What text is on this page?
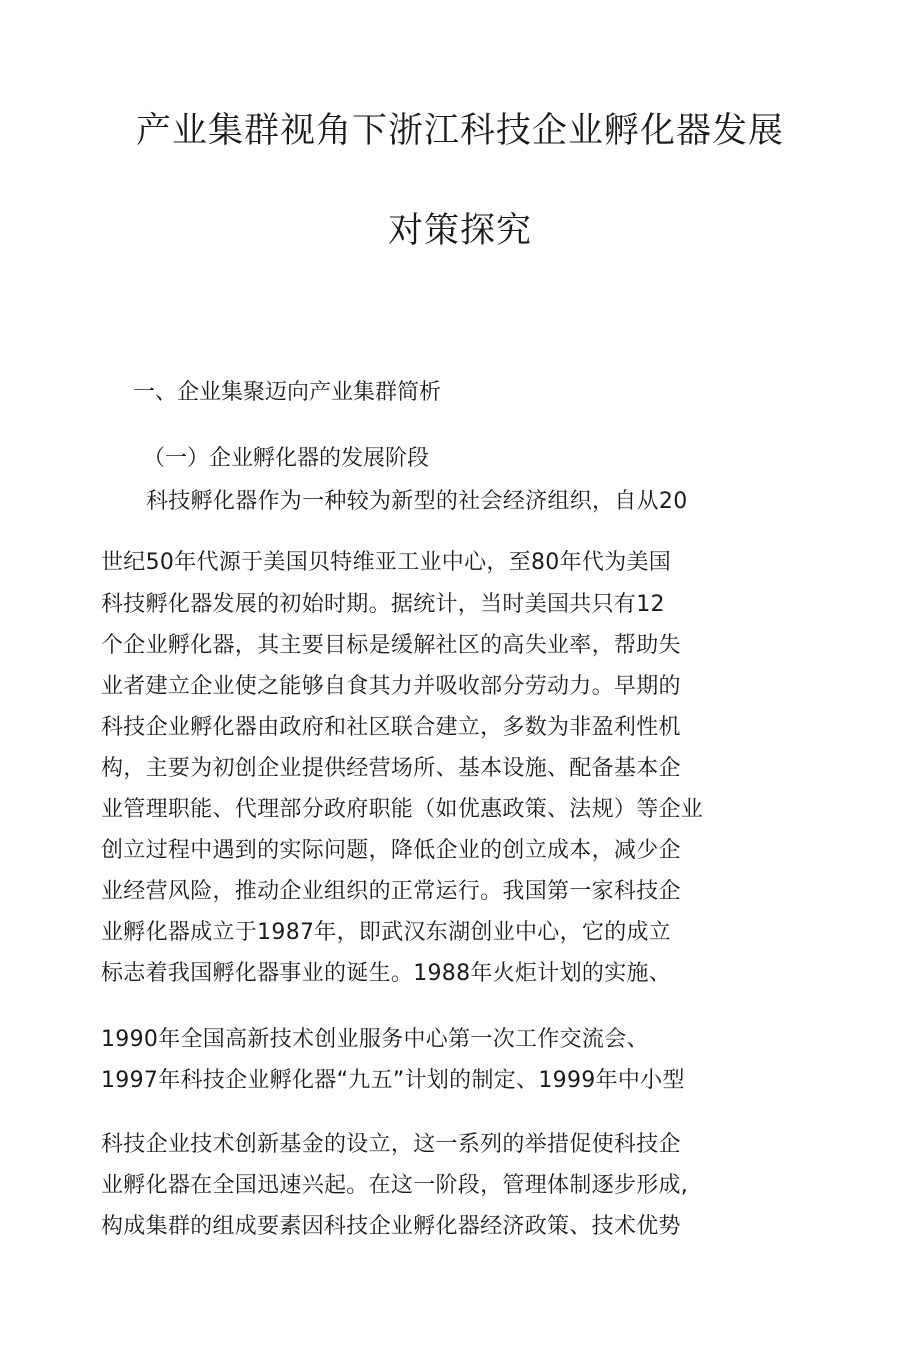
产业集群视角下浙江科技企业孵化器发展
对策探究
一、企业集聚迈向产业集群简析
（一）企业孵化器的发展阶段
科技孵化器作为一种较为新型的社会经济组织，自从20
世纪50年代源于美国贝特维亚工业中心，至80年代为美国
科技孵化器发展的初始时期。据统计，当时美国共只有12
个企业孵化器，其主要目标是缓解社区的高失业率，帮助失
业者建立企业使之能够自食其力并吸收部分劳动力。早期的
科技企业孵化器由政府和社区联合建立，多数为非盈利性机
构，主要为初创企业提供经营场所、基本设施、配备基本企
业管理职能、代理部分政府职能（如优惠政策、法规）等企业
创立过程中遇到的实际问题，降低企业的创立成本，减少企
业经营风险，推动企业组织的正常运行。我国第一家科技企
业孵化器成立于1987年，即武汉东湖创业中心，它的成立
标志着我国孵化器事业的诞生。1988年火炬计划的实施、
1990年全国高新技术创业服务中心第一次工作交流会、
1997年科技企业孵化器“九五”计划的制定、1999年中小型
科技企业技术创新基金的设立，这一系列的举措促使科技企
业孵化器在全国迅速兴起。在这一阶段，管理体制逐步形成,
构成集群的组成要素因科技企业孵化器经济政策、技术优势
